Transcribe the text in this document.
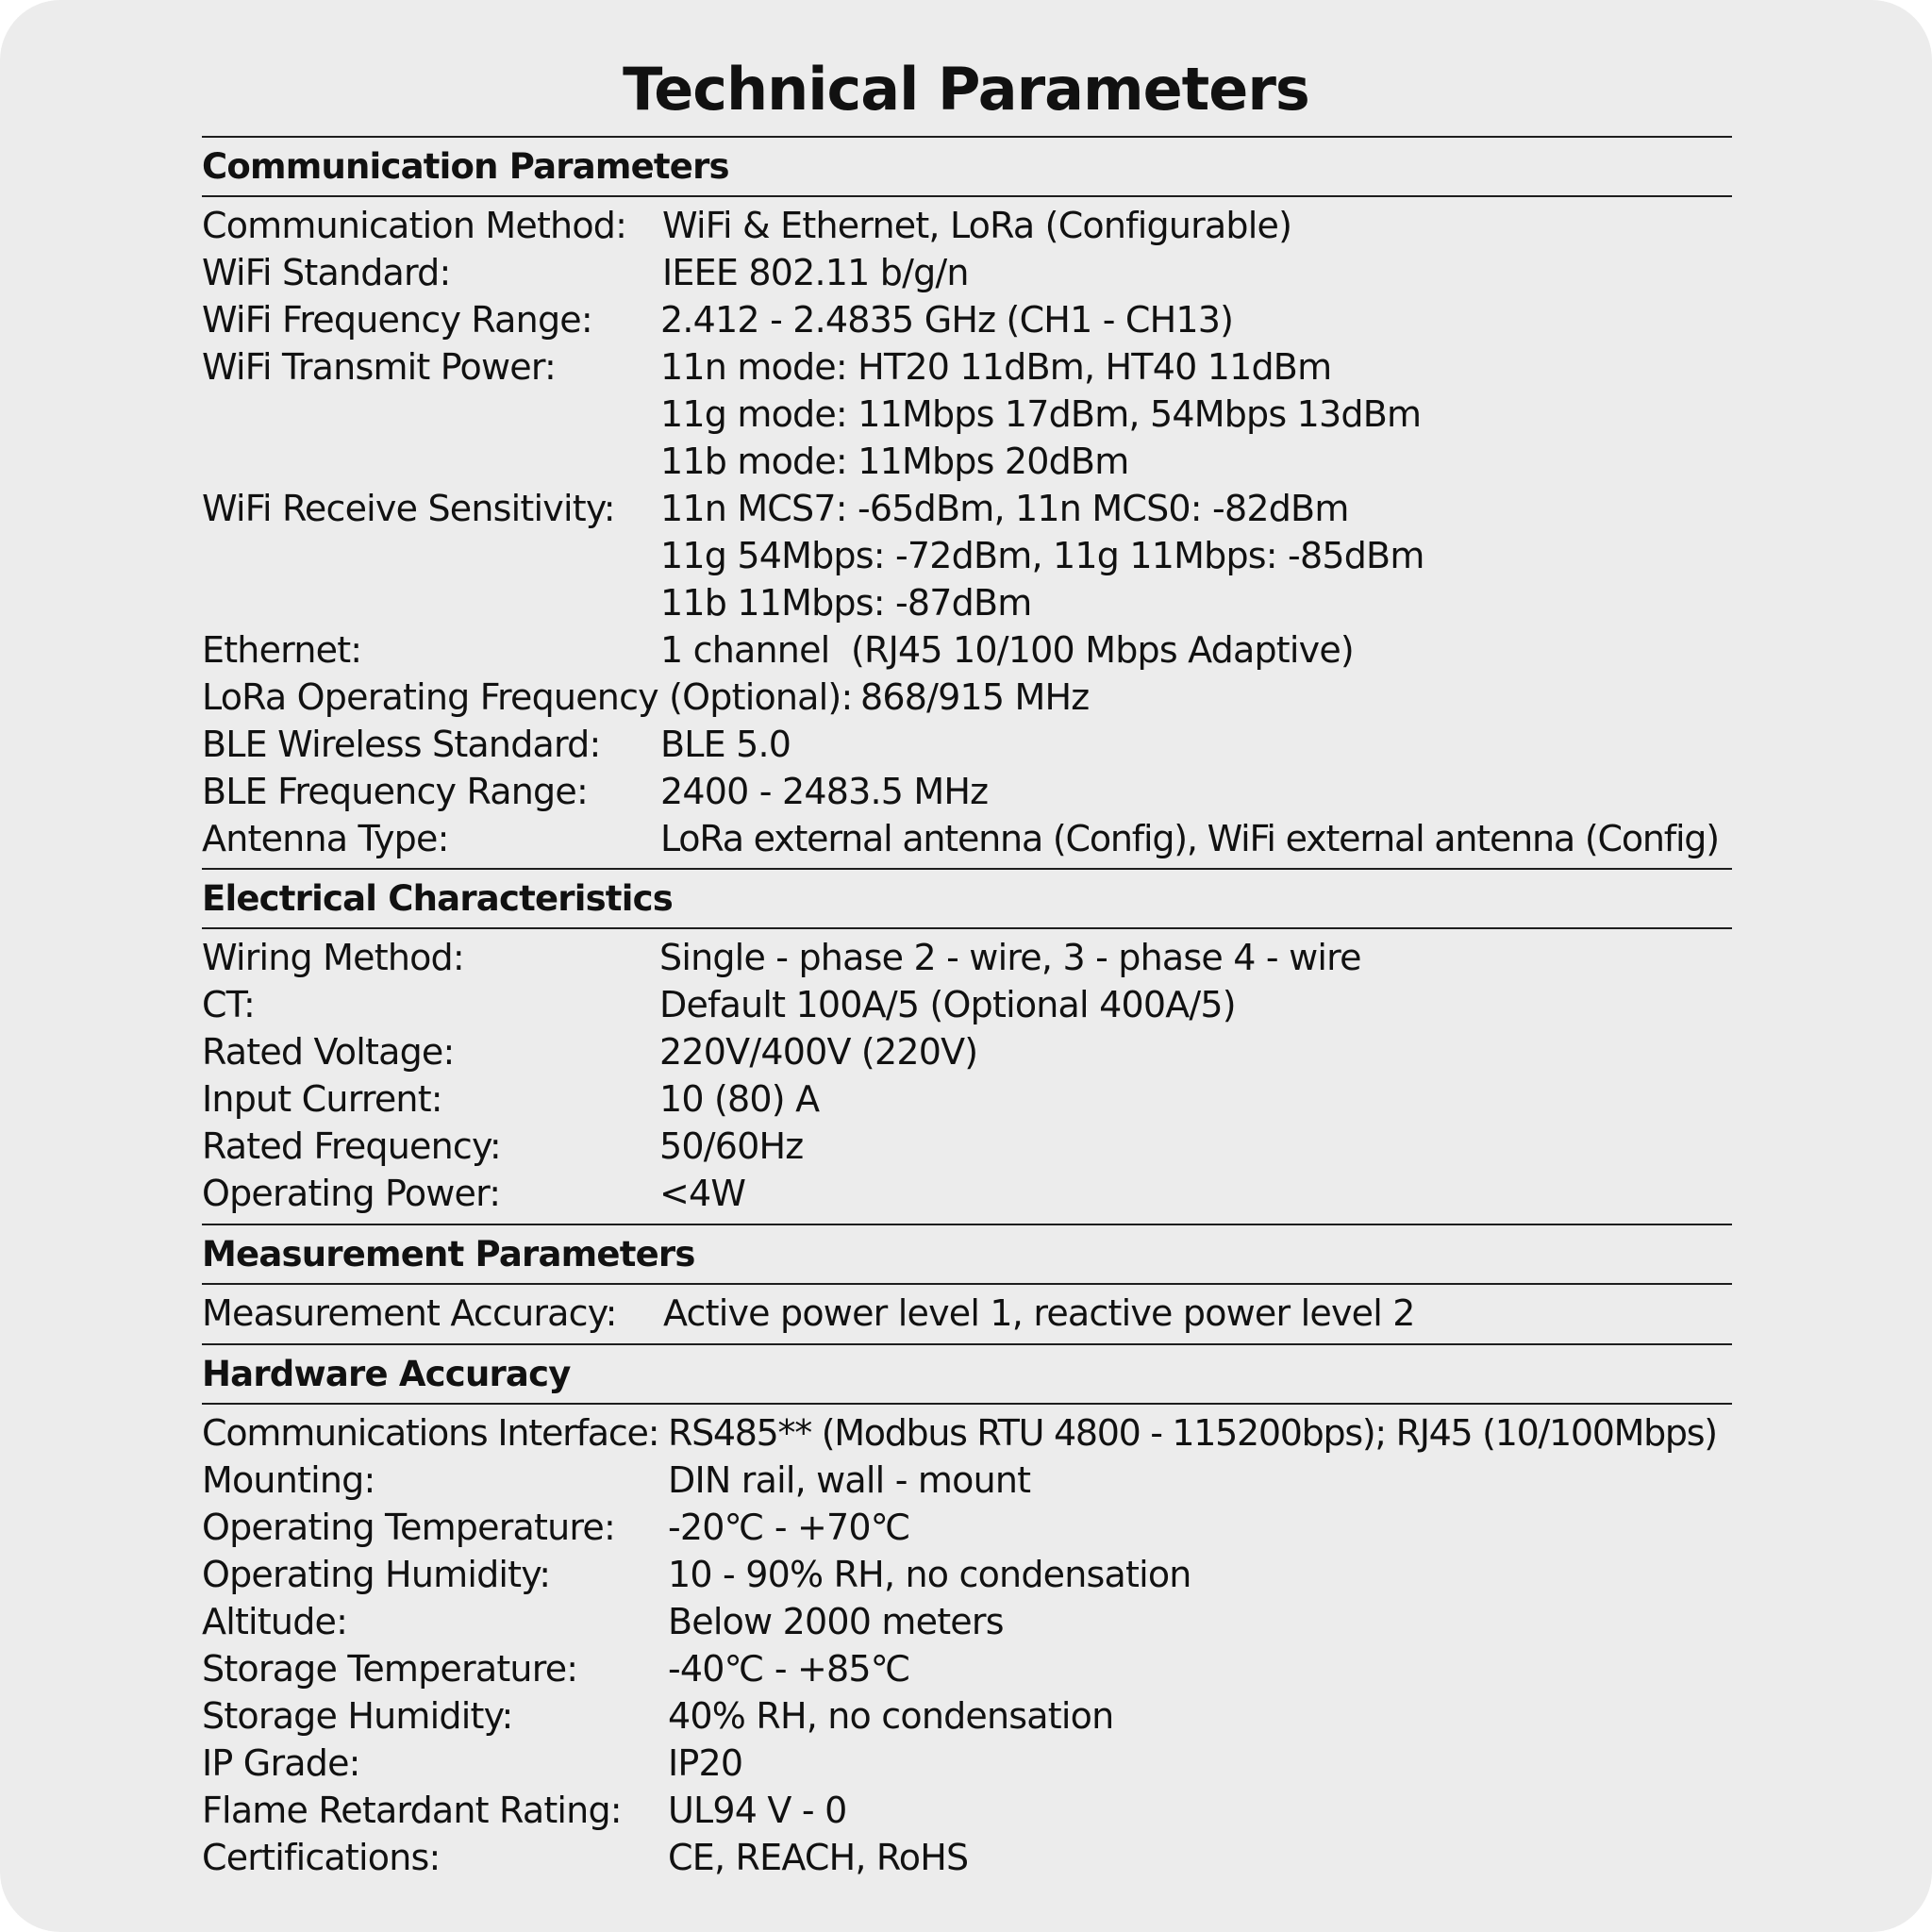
Technical Parameters
Communication Parameters
Communication Method: WiFi & Ethernet, LoRa (Configurable)
WiFi Standard:	IEEE 802.11 b/g/n
WiFi Frequency Range: 2.412 - 2.4835 GHz (CH1 - CH13)
WiFi Transmit Power:	11n mode: HT20 11dBm, HT40 11dBm
11g mode: 11Mbps 17dBm, 54Mbps 13dBm
11b mode: 11Mbps 20dBm
WiFi Receive Sensitivity: 11n MCS7: -65dBm, 11n MCS0: -82dBm
11g 54Mbps: -72dBm, 11g 11Mbps: -85dBm
11b 11Mbps: -87dBm
Ethernet:	1 channel  (RJ45 10/100 Mbps Adaptive)
LoRa Operating Frequency (Optional): 868/915 MHz
BLE Wireless Standard: BLE 5.0
BLE Frequency Range: 2400 - 2483.5 MHz
Antenna Type:	LoRa external antenna (Config), WiFi external antenna (Config)
Electrical Characteristics
Wiring Method:	Single - phase 2 - wire, 3 - phase 4 - wire
CT:	Default 100A/5 (Optional 400A/5)
Rated Voltage:	220V/400V (220V)
Input Current:	10 (80) A
Rated Frequency:	50/60Hz
Operating Power:	<4W
Measurement Parameters
Measurement Accuracy: Active power level 1, reactive power level 2
Hardware Accuracy
Communications Interface: RS485** (Modbus RTU 4800 - 115200bps); RJ45 (10/100Mbps)
Mounting:	DIN rail, wall - mount
Operating Temperature: -20℃ - +70℃
Operating Humidity:	10 - 90% RH, no condensation
Altitude:	Below 2000 meters
Storage Temperature:	-40℃ - +85℃
Storage Humidity:	40% RH, no condensation
IP Grade:	IP20
Flame Retardant Rating: UL94 V - 0
Certifications:	CE, REACH, RoHS
